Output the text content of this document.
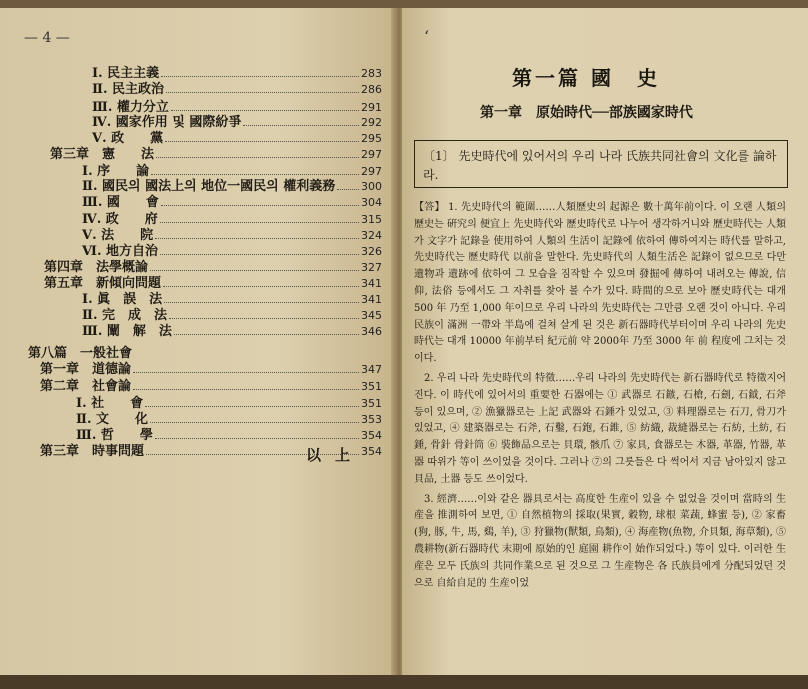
— 4 —
Ⅰ. 民主主義	283
Ⅱ. 民主政治	286
Ⅲ. 權力分立	291
Ⅳ. 國家作用 및 國際紛爭	292
Ⅴ. 政　　黨	295
第三章　憲　　法	297
Ⅰ. 序　　論	297
Ⅱ. 國民의 國法上의 地位一國民의 權利義務 300
Ⅲ. 國　　會	304
Ⅳ. 政　　府	315
Ⅴ. 法　　院	324
Ⅵ. 地方自治	326
第四章　法學概論	327
第五章　新傾向問題	341
Ⅰ. 眞　誤　法	341
Ⅱ. 完　成　法	345
Ⅲ. 闡　解　法	346
第八篇　一般社會
第一章　道德論	347
第二章　社會論	351
Ⅰ. 社　　會	351
Ⅱ. 文　　化	353
Ⅲ. 哲　　學	354
第三章　時事問題	354
以上
ʻ
第一篇 國　史
第一章　原始時代──部族國家時代
〔1〕 先史時代에 있어서의 우리 나라 氏族共同社會의 文化를 論하라.

【答】 1. 先史時代의 範圍……人類歷史의 起源은 數十萬年前이다. 이 오랜 人類의 歷史는 硏究의 便宜上 先史時代와 歷史時代로 나누어 생각하거니와 歷史時代는 人類가 文字가 記錄을 使用하여 人類의 生活이 記錄에 依하여 傳하여지는 時代를 말하고, 先史時代는 歷史時代 以前을 말한다. 先史時代의 人類生活은 記錄이 없으므로 다만 遺物과 遺跡에 依하여 그 모습을 짐작할 수 있으며 發掘에 傳하여 내려오는 傳說, 信仰, 法俗 등에서도 그 자취를 찾아 볼 수가 있다. 時間的으로 보아 歷史時代는 대개 500 年 乃至 1,000 年이므로 우리 나라의 先史時代는 그만큼 오랜 것이 아니다. 우리 民族이 滿洲 一帶와 半島에 걸쳐 살게 된 것은 新石器時代부터이며 우리 나라의 先史時代는 대개 10000 年前부터 紀元前 약 2000年 乃至 3000 年 前 程度에 그치는 것이다.

2. 우리 나라 先史時代의 特徵……우리 나라의 先史時代는 新石器時代로 特徵지어 진다. 이 時代에 있어서의 重要한 石器에는 ① 武器로 石鏃, 石槍, 石劍, 石鉞, 石斧 등이 있으며, ② 漁獵器로는 上記 武器와 石錘가 있었고, ③ 料理器로는 石刀, 骨刀가 있었고, ④ 建築器로는 石斧, 石鑿, 石鉋, 石錐, ⑤ 紡織, 裁縫器로는 石紡, 土紡, 石錘, 骨針 骨針筒 ⑥ 裝飾品으로는 貝環, 骸爪 ⑦ 家具, 食器로는 木器, 革器, 竹器, 革器 따위가 等이 쓰이었을 것이다. 그러나 ⑦의 그릇들은 다 썩어서 지금 남아있지 않고 貝品, 土器 등도 쓰이었다.

3. 經濟……이와 같은 器具로서는 高度한 生産이 있을 수 없었을 것이며 當時의 生産을 推測하여 보면, ① 自然植物의 採取(果實, 穀物, 球根 菜蔬, 蜂蜜 등), ② 家畜(狗, 豚, 牛, 馬, 鷄, 羊), ③ 狩獵物(獸類, 鳥類), ④ 海産物(魚物, 介貝類, 海草類), ⑤ 農耕物(新石器時代 末期에 原始的인 庭園 耕作이 始作되었다.) 等이 있다. 이러한 生産은 모두 氏族의 共同作業으로 된 것으로 그 生産物은 各 氏族員에게 分配되었던 것으로 自給自足的 生産이었
